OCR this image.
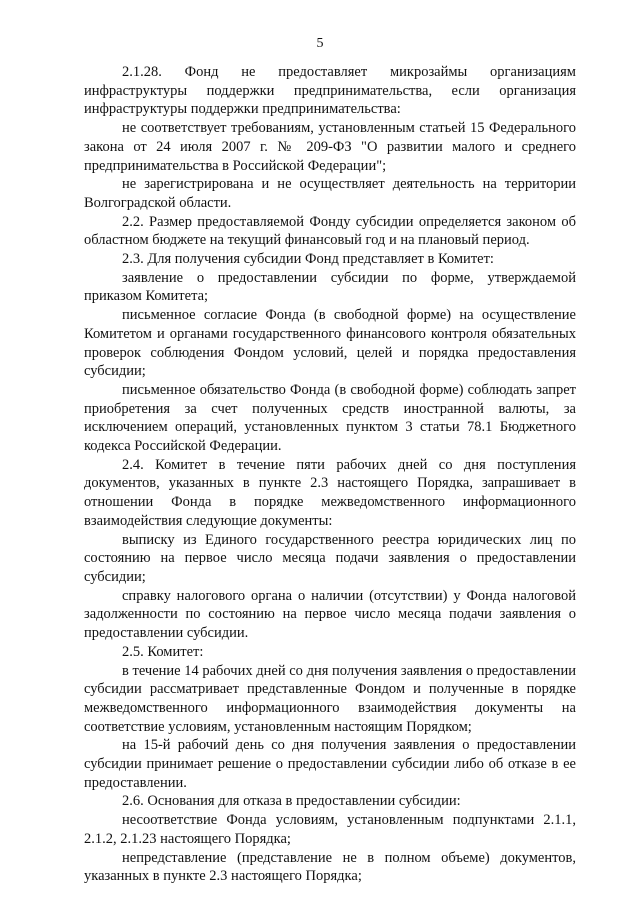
5

2.1.28. Фонд не предоставляет микрозаймы организациям инфраструктуры поддержки предпринимательства, если организация инфраструктуры поддержки предпринимательства:

не соответствует требованиям, установленным статьей 15 Федерального закона от 24 июля 2007 г. № 209-ФЗ "О развитии малого и среднего предпринимательства в Российской Федерации";

не зарегистрирована и не осуществляет деятельность на территории Волгоградской области.

2.2. Размер предоставляемой Фонду субсидии определяется законом об областном бюджете на текущий финансовый год и на плановый период.

2.3. Для получения субсидии Фонд представляет в Комитет:

заявление о предоставлении субсидии по форме, утверждаемой приказом Комитета;

письменное согласие Фонда (в свободной форме) на осуществление Комитетом и органами государственного финансового контроля обязательных проверок соблюдения Фондом условий, целей и порядка предоставления субсидии;

письменное обязательство Фонда (в свободной форме) соблюдать запрет приобретения за счет полученных средств иностранной валюты, за исключением операций, установленных пунктом 3 статьи 78.1 Бюджетного кодекса Российской Федерации.

2.4. Комитет в течение пяти рабочих дней со дня поступления документов, указанных в пункте 2.3 настоящего Порядка, запрашивает в отношении Фонда в порядке межведомственного информационного взаимодействия следующие документы:

выписку из Единого государственного реестра юридических лиц по состоянию на первое число месяца подачи заявления о предоставлении субсидии;

справку налогового органа о наличии (отсутствии) у Фонда налоговой задолженности по состоянию на первое число месяца подачи заявления о предоставлении субсидии.

2.5. Комитет:

в течение 14 рабочих дней со дня получения заявления о предоставлении субсидии рассматривает представленные Фондом и полученные в порядке межведомственного информационного взаимодействия документы на соответствие условиям, установленным настоящим Порядком;

на 15-й рабочий день со дня получения заявления о предоставлении субсидии принимает решение о предоставлении субсидии либо об отказе в ее предоставлении.

2.6. Основания для отказа в предоставлении субсидии:

несоответствие Фонда условиям, установленным подпунктами 2.1.1, 2.1.2, 2.1.23 настоящего Порядка;

непредставление (представление не в полном объеме) документов, указанных в пункте 2.3 настоящего Порядка;
